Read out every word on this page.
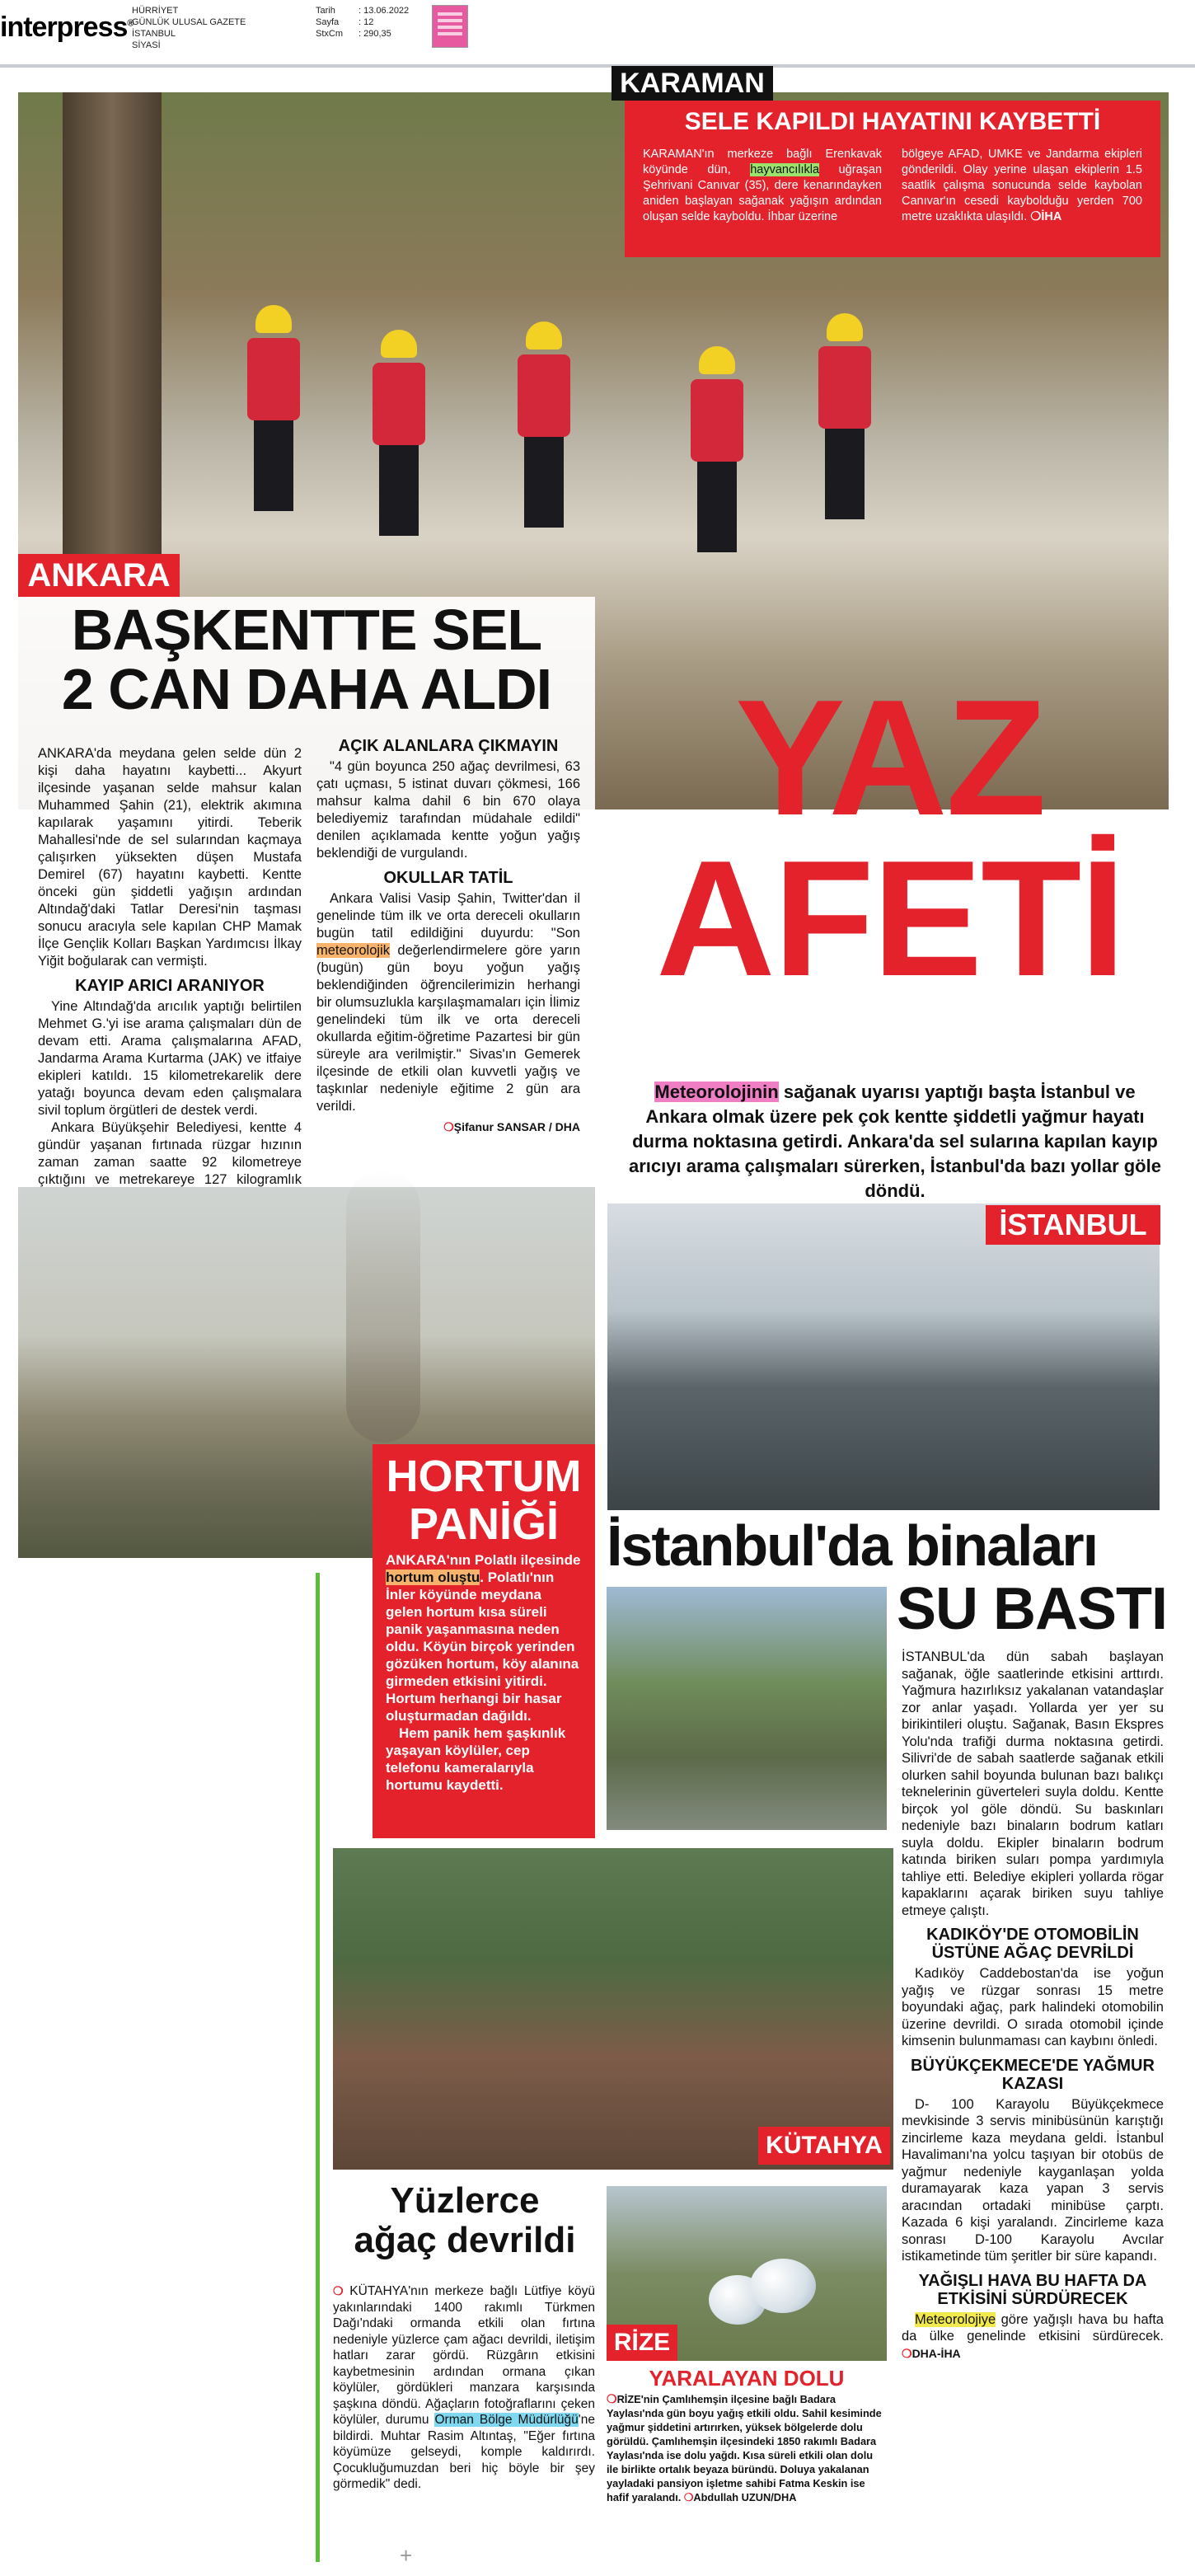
interpress®
HÜRRİYET
GÜNLÜK ULUSAL GAZETE
İSTANBUL
SİYASİ
Tarih	: 13.06.2022
Sayfa : 12
StxCm : 290,35
KARAMAN
SELE KAPILDI HAYATINI KAYBETTİ
KARAMAN'ın merkeze bağlı Erenkavak köyünde dün, hayvancılıkla uğraşan Şehrivani Canıvar (35), dere kenarındayken aniden başlayan sağanak yağışın ardından oluşan selde kayboldu. İhbar üzerine
bölgeye AFAD, UMKE ve Jandarma ekipleri gönderildi. Olay yerine ulaşan ekiplerin 1.5 saatlik çalışma sonucunda selde kaybolan Canıvar'ın cesedi kaybolduğu yerden 700 metre uzaklıkta ulaşıldı. ❍İHA
ANKARA
BAŞKENTTE SEL
2 CAN DAHA ALDI

ANKARA'da meydana gelen selde dün 2 kişi daha hayatını kaybetti... Akyurt ilçesinde yaşanan selde mahsur kalan Muhammed Şahin (21), elektrik akımına kapılarak yaşamını yitirdi. Teberik Mahallesi'nde de sel sularından kaçmaya çalışırken yüksekten düşen Mustafa Demirel (67) hayatını kaybetti. Kentte önceki gün şiddetli yağışın ardından Altındağ'daki Tatlar Deresi'nin taşması sonucu aracıyla sele kapılan CHP Mamak İlçe Gençlik Kolları Başkan Yardımcısı İlkay Yiğit boğularak can vermişti.

KAYIP ARICI ARANIYOR

Yine Altındağ'da arıcılık yaptığı belirtilen Mehmet G.'yi ise arama çalışmaları dün de devam etti. Arama çalışmalarına AFAD, Jandarma Arama Kurtarma (JAK) ve itfaiye ekipleri katıldı. 15 kilometrekarelik dere yatağı boyunca devam eden çalışmalara sivil toplum örgütleri de destek verdi.

Ankara Büyükşehir Belediyesi, kentte 4 gündür yaşanan fırtınada rüzgar hızının zaman zaman saatte 92 kilometreye çıktığını ve metrekareye 127 kilogramlık

AÇIK ALANLARA ÇIKMAYIN

"4 gün boyunca 250 ağaç devrilmesi, 63 çatı uçması, 5 istinat duvarı çökmesi, 166 mahsur kalma dahil 6 bin 670 olaya belediyemiz tarafından müdahale edildi" denilen açıklamada kentte yoğun yağış beklendiği de vurgulandı.

OKULLAR TATİL

Ankara Valisi Vasip Şahin, Twitter'dan il genelinde tüm ilk ve orta dereceli okulların bugün tatil edildiğini duyurdu: "Son meteorolojik değerlendirmelere göre yarın (bugün) gün boyu yoğun yağış beklendiğinden öğrencilerimizin herhangi bir olumsuzlukla karşılaşmamaları için İlimiz genelindeki tüm ilk ve orta dereceli okullarda eğitim-öğretime Pazartesi bir gün süreyle ara verilmiştir." Sivas'ın Gemerek ilçesinde de etkili olan kuvvetli yağış ve taşkınlar nedeniyle eğitime 2 gün ara verildi.

❍Şifanur SANSAR / DHA
YAZ
AFETİ
Meteorolojinin sağanak uyarısı yaptığı başta İstanbul ve Ankara olmak üzere pek çok kentte şiddetli yağmur hayatı durma noktasına getirdi. Ankara'da sel sularına kapılan kayıp arıcıyı arama çalışmaları sürerken, İstanbul'da bazı yollar göle döndü.
İSTANBUL
HORTUM
PANİĞİ
ANKARA'nın Polatlı ilçesinde hortum oluştu. Polatlı'nın İnler köyünde meydana gelen hortum kısa süreli panik yaşanmasına neden oldu. Köyün birçok yerinden gözüken hortum, köy alanına girmeden etkisini yitirdi. Hortum herhangi bir hasar oluşturmadan dağıldı.
Hem panik hem şaşkınlık yaşayan köylüler, cep telefonu kameralarıyla hortumu kaydetti.
İstanbul'da binaları
SU BASTI

İSTANBUL'da dün sabah başlayan sağanak, öğle saatlerinde etkisini arttırdı. Yağmura hazırlıksız yakalanan vatandaşlar zor anlar yaşadı. Yollarda yer yer su birikintileri oluştu. Sağanak, Basın Ekspres Yolu'nda trafiği durma noktasına getirdi. Silivri'de de sabah saatlerde sağanak etkili olurken sahil boyunda bulunan bazı balıkçı teknelerinin güverteleri suyla doldu. Kentte birçok yol göle döndü. Su baskınları nedeniyle bazı binaların bodrum katları suyla doldu. Ekipler binaların bodrum katında biriken suları pompa yardımıyla tahliye etti. Belediye ekipleri yollarda rögar kapaklarını açarak biriken suyu tahliye etmeye çalıştı.

KADIKÖY'DE OTOMOBİLİN ÜSTÜNE AĞAÇ DEVRİLDİ

Kadıköy Caddebostan'da ise yoğun yağış ve rüzgar sonrası 15 metre boyundaki ağaç, park halindeki otomobilin üzerine devrildi. O sırada otomobil içinde kimsenin bulunmaması can kaybını önledi.

BÜYÜKÇEKMECE'DE YAĞMUR KAZASI

D- 100 Karayolu Büyükçekmece mevkisinde 3 servis minibüsünün karıştığı zincirleme kaza meydana geldi. İstanbul Havalimanı'na yolcu taşıyan bir otobüs de yağmur nedeniyle kayganlaşan yolda duramayarak kaza yapan 3 servis aracından ortadaki minibüse çarptı. Kazada 6 kişi yaralandı. Zincirleme kaza sonrası D-100 Karayolu Avcılar istikametinde tüm şeritler bir süre kapandı.

YAĞIŞLI HAVA BU HAFTA DA ETKİSİNİ SÜRDÜRECEK

Meteorolojiye göre yağışlı hava bu hafta da ülke genelinde etkisini sürdürecek. ❍DHA-İHA

KÜTAHYA
Yüzlerce
ağaç devrildi
❍ KÜTAHYA'nın merkeze bağlı Lütfiye köyü yakınlarındaki 1400 rakımlı Türkmen Dağı'ndaki ormanda etkili olan fırtına nedeniyle yüzlerce çam ağacı devrildi, iletişim hatları zarar gördü. Rüzgârın etkisini kaybetmesinin ardından ormana çıkan köylüler, gördükleri manzara karşısında şaşkına döndü. Ağaçların fotoğraflarını çeken köylüler, durumu Orman Bölge Müdürlüğü'ne bildirdi. Muhtar Rasim Altıntaş, "Eğer fırtına köyümüze gelseydi, komple kaldırırdı. Çocukluğumuzdan beri hiç böyle bir şey görmedik" dedi.
RİZE
YARALAYAN DOLU
❍RİZE'nin Çamlıhemşin ilçesine bağlı Badara Yaylası'nda gün boyu yağış etkili oldu. Sahil kesiminde yağmur şiddetini artırırken, yüksek bölgelerde dolu görüldü. Çamlıhemşin ilçesindeki 1850 rakımlı Badara Yaylası'nda ise dolu yağdı. Kısa süreli etkili olan dolu ile birlikte ortalık beyaza büründü. Doluya yakalanan yayladaki pansiyon işletme sahibi Fatma Keskin ise hafif yaralandı. ❍Abdullah UZUN/DHA
+
